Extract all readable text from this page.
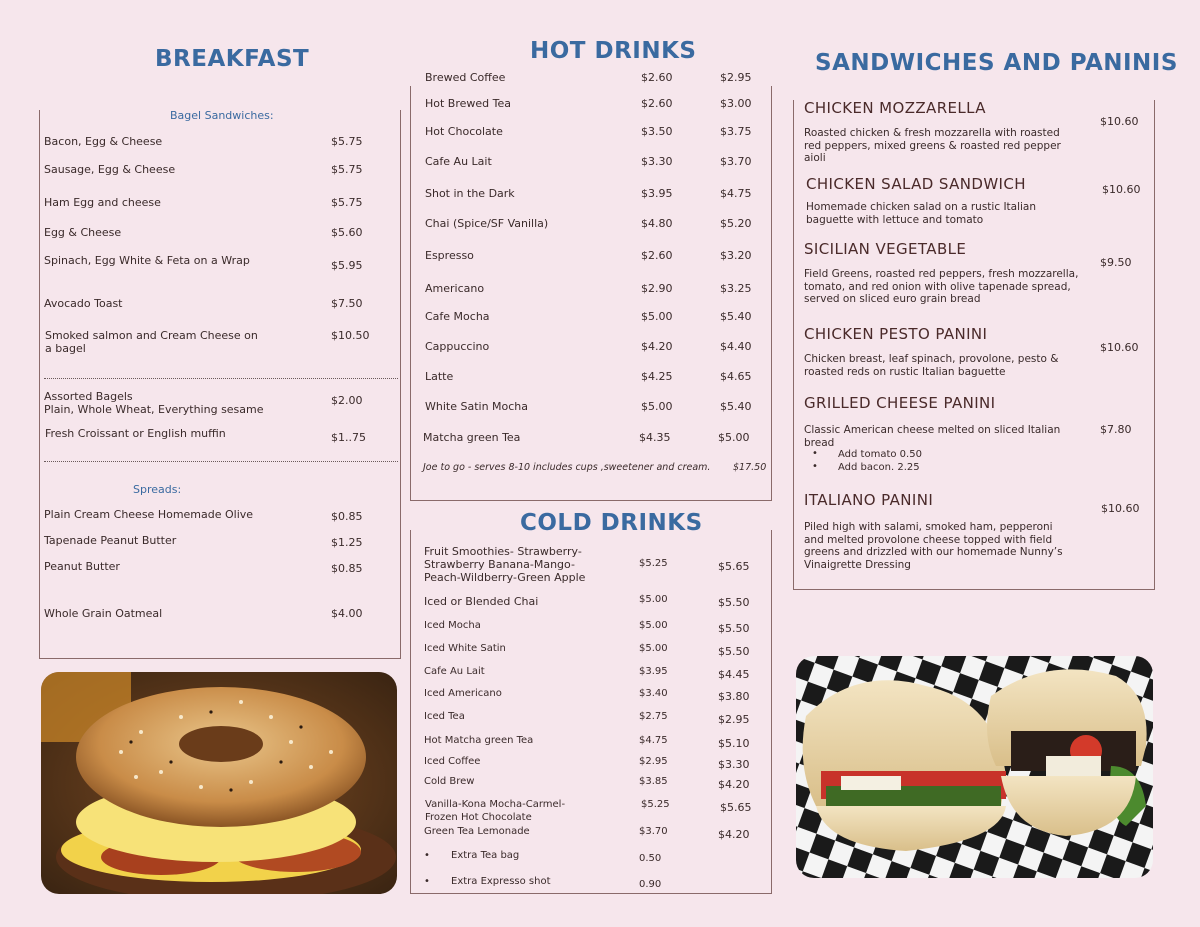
BREAKFAST
Bagel Sandwiches:
Bacon, Egg & Cheese	$5.75
Sausage, Egg & Cheese	$5.75
Ham Egg and cheese	$5.75
Egg & Cheese	$5.60
Spinach, Egg White & Feta on a Wrap	$5.95
Avocado Toast	$7.50
Smoked salmon and Cream Cheese on
a bagel
$10.50
Assorted Bagels
Plain, Whole Wheat, Everything sesame
$2.00
Fresh Croissant or English muffin	$1..75
Spreads:
Plain Cream Cheese Homemade Olive	$0.85
Tapenade Peanut Butter	$1.25
Peanut Butter	$0.85
Whole Grain Oatmeal	$4.00
HOT DRINKS
Brewed Coffee	$2.60	$2.95
Hot Brewed Tea	$2.60	$3.00
Hot Chocolate	$3.50	$3.75
Cafe Au Lait	$3.30	$3.70
Shot in the Dark	$3.95	$4.75
Chai (Spice/SF Vanilla)	$4.80	$5.20
Espresso	$2.60	$3.20
Americano	$2.90	$3.25
Cafe Mocha	$5.00	$5.40
Cappuccino	$4.20	$4.40
Latte	$4.25	$4.65
White Satin Mocha	$5.00	$5.40
Matcha green Tea	$4.35	$5.00
Joe to go - serves 8-10 includes cups ,sweetener and cream. $17.50
COLD DRINKS
Fruit Smoothies- Strawberry-
Strawberry Banana-Mango-
Peach-Wildberry-Green Apple
$5.25	$5.65
Iced or Blended Chai	$5.00	$5.50
Iced Mocha	$5.00	$5.50
Iced White Satin	$5.00	$5.50
Cafe Au Lait	$3.95	$4.45
Iced Americano	$3.40	$3.80
Iced Tea	$2.75	$2.95
Hot Matcha green Tea	$4.75	$5.10
Iced Coffee	$2.95	$3.30
Cold Brew	$3.85	$4.20
Vanilla-Kona Mocha-Carmel-
Frozen Hot Chocolate
$5.25	$5.65
Green Tea Lemonade	$3.70	$4.20
• Extra Tea bag	0.50
• Extra Expresso shot	0.90
SANDWICHES AND PANINIS
CHICKEN MOZZARELLA
Roasted chicken & fresh mozzarella with roasted red peppers, mixed greens & roasted red pepper aioli
$10.60
CHICKEN SALAD SANDWICH
Homemade chicken salad on a rustic Italian baguette with lettuce and tomato
$10.60
SICILIAN VEGETABLE
Field Greens, roasted red peppers, fresh mozzarella, tomato, and red onion with olive tapenade spread, served on sliced euro grain bread
$9.50
CHICKEN PESTO PANINI
Chicken breast, leaf spinach, provolone, pesto & roasted reds on rustic Italian baguette
$10.60
GRILLED CHEESE PANINI
Classic American cheese melted on sliced Italian bread
$7.80
• Add tomato 0.50
• Add bacon. 2.25
ITALIANO PANINI
Piled high with salami, smoked ham, pepperoni and melted provolone cheese topped with field greens and drizzled with our homemade Nunny’s Vinaigrette Dressing
$10.60
